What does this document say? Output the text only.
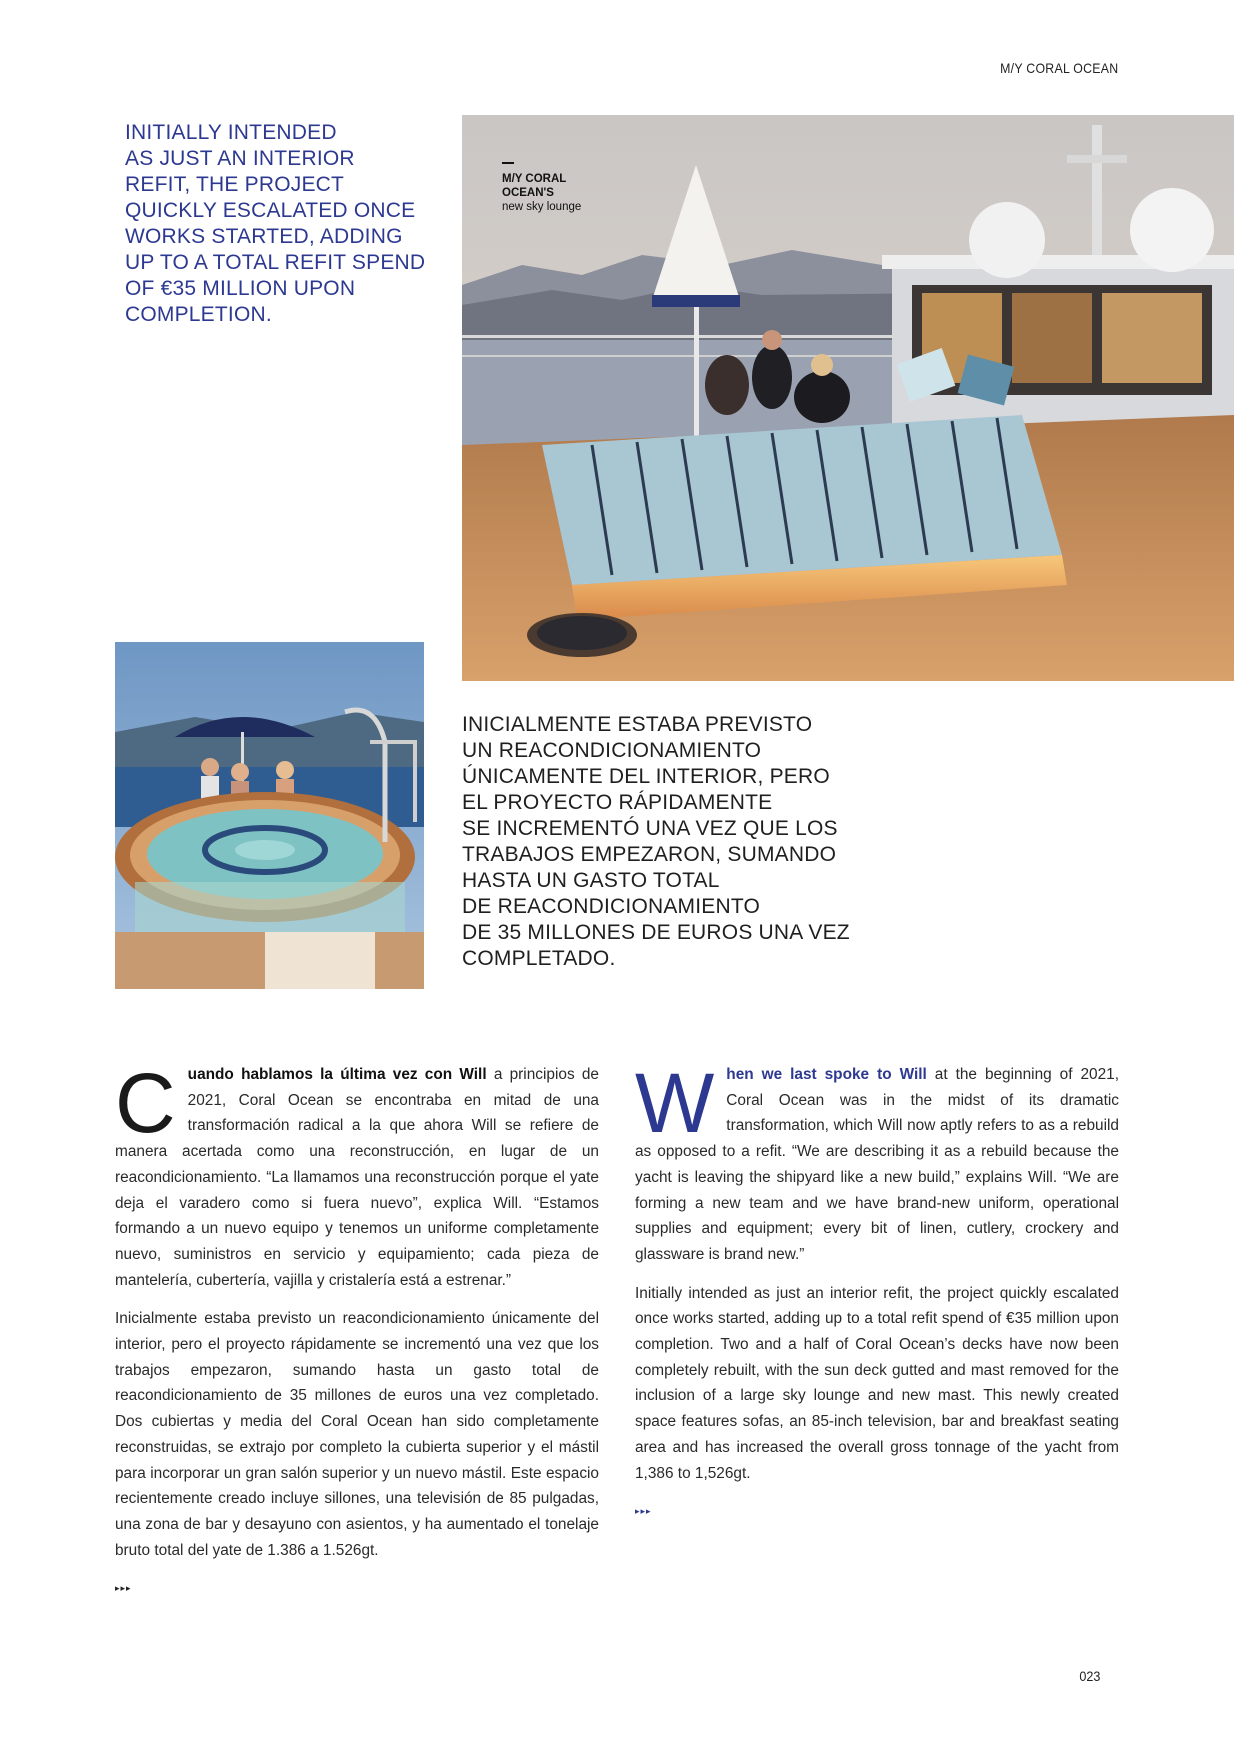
M/Y CORAL OCEAN

INITIALLY INTENDED
AS JUST AN INTERIOR
REFIT, THE PROJECT
QUICKLY ESCALATED ONCE
WORKS STARTED, ADDING
UP TO A TOTAL REFIT SPEND
OF €35 MILLION UPON
COMPLETION.

M/Y CORAL
OCEAN'S
new sky lounge

INICIALMENTE ESTABA PREVISTO
UN REACONDICIONAMIENTO
ÚNICAMENTE DEL INTERIOR, PERO
EL PROYECTO RÁPIDAMENTE
SE INCREMENTÓ UNA VEZ QUE LOS
TRABAJOS EMPEZARON, SUMANDO
HASTA UN GASTO TOTAL
DE REACONDICIONAMIENTO
DE 35 MILLONES DE EUROS UNA VEZ
COMPLETADO.

Cuando hablamos la última vez con Will a principios de 2021, Coral Ocean se encontraba en mitad de una transformación radical a la que ahora Will se refiere de manera acertada como una reconstrucción, en lugar de un reacondicionamiento. “La llamamos una reconstrucción porque el yate deja el varadero como si fuera nuevo”, explica Will. “Estamos formando a un nuevo equipo y tenemos un uniforme completamente nuevo, suministros en servicio y equipamiento; cada pieza de mantelería, cubertería, vajilla y cristalería está a estrenar.”

Inicialmente estaba previsto un reacondicionamiento únicamente del interior, pero el proyecto rápidamente se incrementó una vez que los trabajos empezaron, sumando hasta un gasto total de reacondicionamiento de 35 millones de euros una vez completado. Dos cubiertas y media del Coral Ocean han sido completamente reconstruidas, se extrajo por completo la cubierta superior y el mástil para incorporar un gran salón superior y un nuevo mástil. Este espacio recientemente creado incluye sillones, una televisión de 85 pulgadas, una zona de bar y desayuno con asientos, y ha aumentado el tonelaje bruto total del yate de 1.386 a 1.526gt.

▸▸▸

When we last spoke to Will at the beginning of 2021, Coral Ocean was in the midst of its dramatic transformation, which Will now aptly refers to as a rebuild as opposed to a refit. “We are describing it as a rebuild because the yacht is leaving the shipyard like a new build,” explains Will. “We are forming a new team and we have brand-new uniform, operational supplies and equipment; every bit of linen, cutlery, crockery and glassware is brand new.”

Initially intended as just an interior refit, the project quickly escalated once works started, adding up to a total refit spend of €35 million upon completion. Two and a half of Coral Ocean’s decks have now been completely rebuilt, with the sun deck gutted and mast removed for the inclusion of a large sky lounge and new mast. This newly created space features sofas, an 85-inch television, bar and breakfast seating area and has increased the overall gross tonnage of the yacht from 1,386 to 1,526gt.

▸▸▸
023
